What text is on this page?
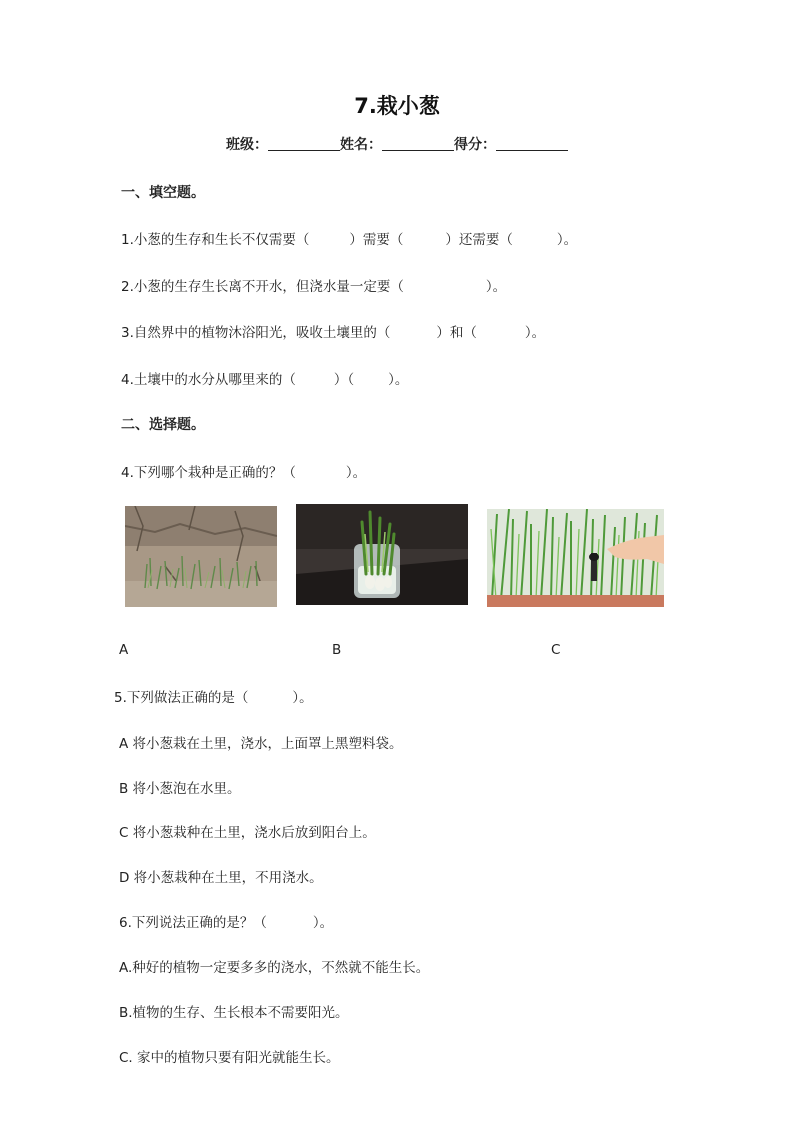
7.栽小葱
班级：	姓名：	得分：
一、填空题。
1.小葱的生存和生长不仅需要（	）需要（	）还需要（	）。
2.小葱的生存生长离不开水，但浇水量一定要（	）。
3.自然界中的植物沐浴阳光，吸收土壤里的（	）和（	）。
4.土壤中的水分从哪里来的（	）（	）。
二、选择题。
4.下列哪个栽种是正确的？（	）。
A	B	C
5.下列做法正确的是（	）。
A 将小葱栽在土里，浇水，上面罩上黑塑料袋。
B 将小葱泡在水里。
C 将小葱栽种在土里，浇水后放到阳台上。
D 将小葱栽种在土里，不用浇水。
6.下列说法正确的是？（	）。
A.种好的植物一定要多多的浇水，不然就不能生长。
B.植物的生存、生长根本不需要阳光。
C. 家中的植物只要有阳光就能生长。
